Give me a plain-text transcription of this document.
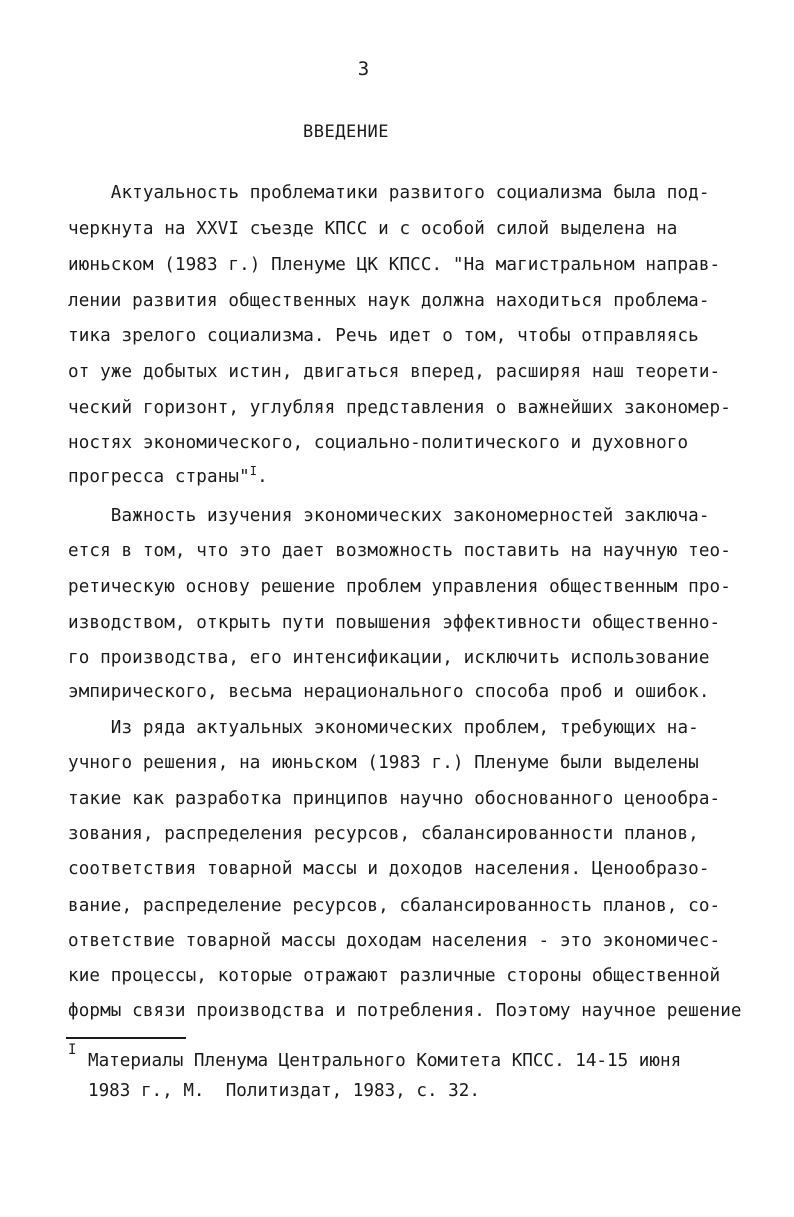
3
ВВЕДЕНИЕ
Актуальность проблематики развитого социализма была под-
черкнута на XXVI съезде КПСС и с особой силой выделена на
июньском (1983 г.) Пленуме ЦК КПСС. "На магистральном направ-
лении развития общественных наук должна находиться проблема-
тика зрелого социализма. Речь идет о том, чтобы отправляясь
от уже добытых истин, двигаться вперед, расширяя наш теорети-
ческий горизонт, углубляя представления о важнейших закономер-
ностях экономического, социально-политического и духовного
прогресса страны"$^I$.
Важность изучения экономических закономерностей заключа-
ется в том, что это дает возможность поставить на научную тео-
ретическую основу решение проблем управления общественным про-
изводством, открыть пути повышения эффективности общественно-
го производства, его интенсификации, исключить использование
эмпирического, весьма нерационального способа проб и ошибок.
Из ряда актуальных экономических проблем, требующих на-
учного решения, на июньском (1983 г.) Пленуме были выделены
такие как разработка принципов научно обоснованного ценообра-
зования, распределения ресурсов, сбалансированности планов,
соответствия товарной массы и доходов населения. Ценообразо-
вание, распределение ресурсов, сбалансированность планов, со-
ответствие товарной массы доходам населения - это экономичес-
кие процессы, которые отражают различные стороны общественной
формы связи производства и потребления. Поэтому научное решение
I
Материалы Пленума Центрального Комитета КПСС. 14-15 июня
1983 г., М.  Политиздат, 1983, с. 32.
